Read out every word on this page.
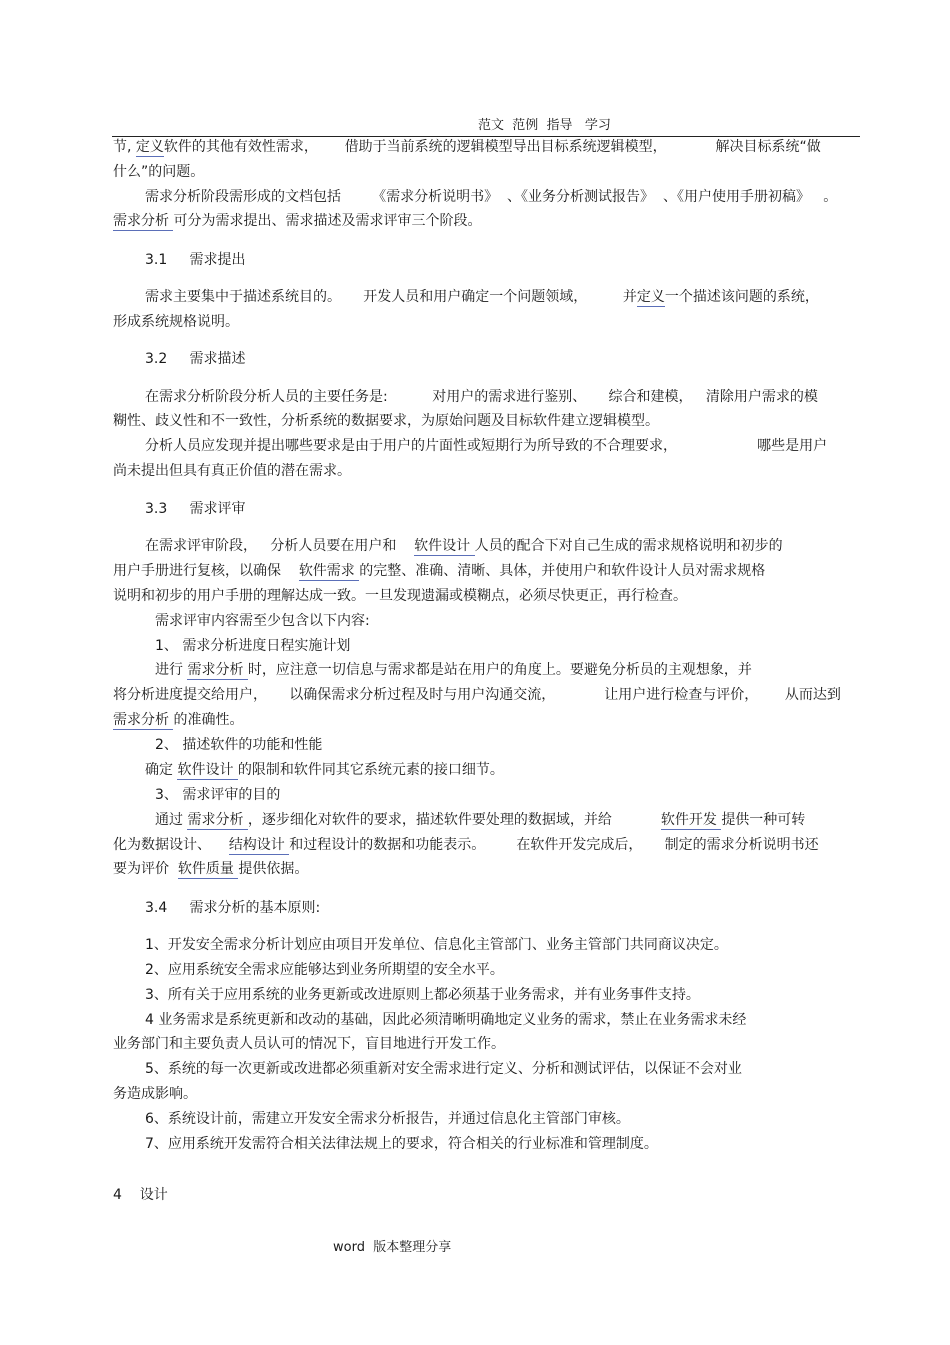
范文  范例  指导   学习
节, 定义软件的其他有效性需求，      借助于当前系统的逻辑模型导出目标系统逻辑模型，           解决目标系统“做
什么”的问题。
需求分析阶段需形成的文档包括       《需求分析说明书》  、《业务分析测试报告》  、《用户使用手册初稿》   。
需求分析 可分为需求提出、需求描述及需求评审三个阶段。
3.1     需求提出
需求主要集中于描述系统目的。     开发人员和用户确定一个问题领域，        并定义一个描述该问题的系统，
形成系统规格说明。
3.2     需求描述
在需求分析阶段分析人员的主要任务是:          对用户的需求进行鉴别、     综合和建模，   清除用户需求的模
糊性、歧义性和不一致性，分析系统的数据要求，为原始问题及目标软件建立逻辑模型。
分析人员应发现并提出哪些要求是由于用户的片面性或短期行为所导致的不合理要求，                  哪些是用户
尚未提出但具有真正价值的潜在需求。
3.3     需求评审
在需求评审阶段，   分析人员要在用户和    软件设计 人员的配合下对自己生成的需求规格说明和初步的
用户手册进行复核，以确保    软件需求 的完整、准确、清晰、具体，并使用户和软件设计人员对需求规格
说明和初步的用户手册的理解达成一致。一旦发现遗漏或模糊点，必须尽快更正，再行检查。
需求评审内容需至少包含以下内容:
1、 需求分析进度日程实施计划
进行 需求分析 时，应注意一切信息与需求都是站在用户的角度上。要避免分析员的主观想象，并
将分析进度提交给用户，     以确保需求分析过程及时与用户沟通交流，           让用户进行检查与评价，      从而达到
需求分析 的准确性。
2、 描述软件的功能和性能
确定 软件设计 的限制和软件同其它系统元素的接口细节。
3、 需求评审的目的
通过 需求分析 ，逐步细化对软件的要求，描述软件要处理的数据域，并给           软件开发 提供一种可转
化为数据设计、    结构设计 和过程设计的数据和功能表示。       在软件开发完成后，     制定的需求分析说明书还
要为评价  软件质量 提供依据。
3.4     需求分析的基本原则:
1、开发安全需求分析计划应由项目开发单位、信息化主管部门、业务主管部门共同商议决定。
2、应用系统安全需求应能够达到业务所期望的安全水平。
3、所有关于应用系统的业务更新或改进原则上都必须基于业务需求，并有业务事件支持。
4 业务需求是系统更新和改动的基础，因此必须清晰明确地定义业务的需求，禁止在业务需求未经
业务部门和主要负责人员认可的情况下，盲目地进行开发工作。
5、系统的每一次更新或改进都必须重新对安全需求进行定义、分析和测试评估，以保证不会对业
务造成影响。
6、系统设计前，需建立开发安全需求分析报告，并通过信息化主管部门审核。
7、应用系统开发需符合相关法律法规上的要求，符合相关的行业标准和管理制度。
4    设计
word  版本整理分享
